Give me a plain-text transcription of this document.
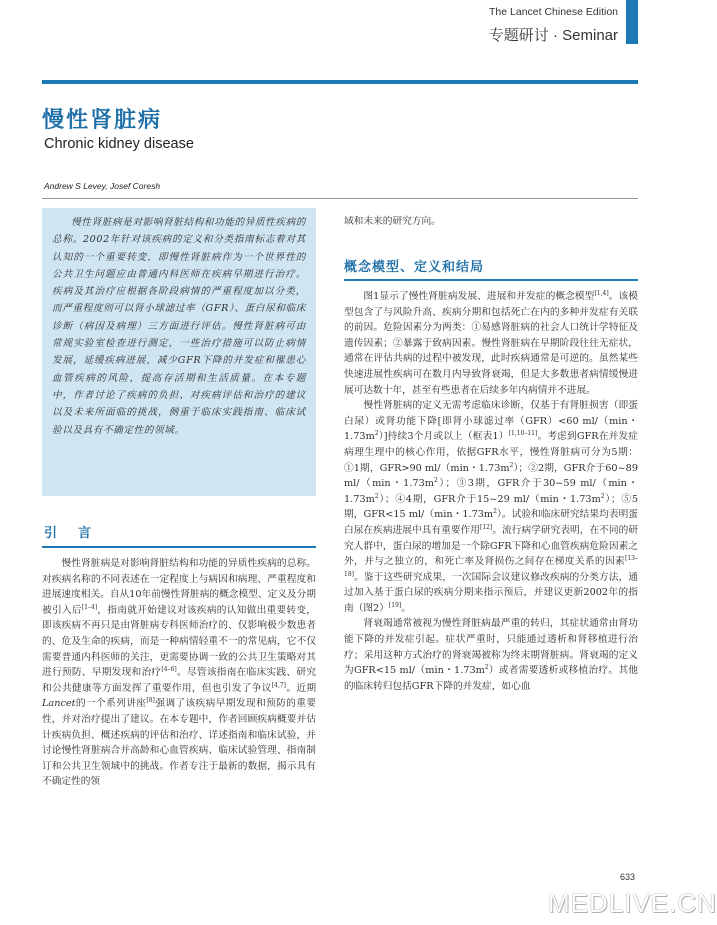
The Lancet Chinese Edition
专题研讨 · Seminar
慢性肾脏病
Chronic kidney disease
Andrew S Levey, Josef Coresh

慢性肾脏病是对影响肾脏结构和功能的异质性疾病的总称。2002年针对该疾病的定义和分类指南标志着对其认知的一个重要转变，即慢性肾脏病作为一个世界性的公共卫生问题应由普通内科医师在疾病早期进行治疗。疾病及其治疗应根据各阶段病情的严重程度加以分类，而严重程度则可以肾小球滤过率（GFR）、蛋白尿和临床诊断（病因及病理）三方面进行评估。慢性肾脏病可由常规实验室检查进行测定，一些治疗措施可以防止病情发展，延缓疾病进展，减少GFR下降的并发症和罹患心血管疾病的风险，提高存活期和生活质量。在本专题中，作者讨论了疾病的负担、对疾病评估和治疗的建议以及未来所面临的挑战，侧重于临床实践指南、临床试验以及具有不确定性的领域。

引　言

慢性肾脏病是对影响肾脏结构和功能的异质性疾病的总称。对疾病名称的不同表述在一定程度上与病因和病理、严重程度和进展速度相关。自从10年前慢性肾脏病的概念模型、定义及分期被引入后[1–4]，指南就开始建议对该疾病的认知做出重要转变，即该疾病不再只是由肾脏病专科医师治疗的、仅影响极少数患者的、危及生命的疾病，而是一种病情轻重不一的常见病，它不仅需要普通内科医师的关注，更需要协调一致的公共卫生策略对其进行预防、早期发现和治疗[4–6]。尽管该指南在临床实践、研究和公共健康等方面发挥了重要作用，但也引发了争议[4,7]。近期Lancet的一个系列讲座[8]强调了该疾病早期发现和预防的重要性，并对治疗提出了建议。在本专题中，作者回顾疾病概要并估计疾病负担、概述疾病的评估和治疗、详述指南和临床试验，并讨论慢性肾脏病合并高龄和心血管疾病、临床试验管理、指南制订和公共卫生领域中的挑战。作者专注于最新的数据，揭示具有不确定性的领

域和未来的研究方向。

概念模型、定义和结局

图1显示了慢性肾脏病发展、进展和并发症的概念模型[1,4]。该模型包含了与风险升高、疾病分期和包括死亡在内的多种并发症有关联的前因。危险因素分为两类：①易感肾脏病的社会人口统计学特征及遗传因素；②暴露于致病因素。慢性肾脏病在早期阶段往往无症状，通常在评估共病的过程中被发现，此时疾病通常是可逆的。虽然某些快速进展性疾病可在数月内导致肾衰竭，但是大多数患者病情缓慢进展可达数十年，甚至有些患者在后续多年内病情并不进展。

慢性肾脏病的定义无需考虑临床诊断，仅基于有肾脏损害（即蛋白尿）或肾功能下降[即肾小球滤过率（GFR）<60 ml/（min・$1.73m^2$）]持续3个月或以上（框表1）[1,10–11]。考虑到GFR在并发症病理生理中的核心作用，依据GFR水平，慢性肾脏病可分为5期：①1期，GFR>90 ml/（min・$1.73m^2$）；②2期，GFR介于60~89 ml/（min・$1.73m^2$）；③3期，GFR介于30~59 ml/（min・$1.73m^2$）；④4期，GFR介于15~29 ml/（min・$1.73m^2$）；⑤5期，GFR<15 ml/（min・$1.73m^2$）。试验和临床研究结果均表明蛋白尿在疾病进展中具有重要作用[12]。流行病学研究表明，在不同的研究人群中，蛋白尿的增加是一个除GFR下降和心血管疾病危险因素之外，并与之独立的，和死亡率及肾损伤之间存在梯度关系的因素[13–18]。鉴于这些研究成果，一次国际会议建议修改疾病的分类方法，通过加入基于蛋白尿的疾病分期来指示预后，并建议更新2002年的指南（图2）[19]。

肾衰竭通常被视为慢性肾脏病最严重的转归，其症状通常由肾功能下降的并发症引起。症状严重时，只能通过透析和肾移植进行治疗；采用这种方式治疗的肾衰竭被称为终末期肾脏病。肾衰竭的定义为GFR<15 ml/（min・$1.73m^2$）或者需要透析或移植治疗。其他的临床转归包括GFR下降的并发症，如心血

633
MEDLIVE.CN
